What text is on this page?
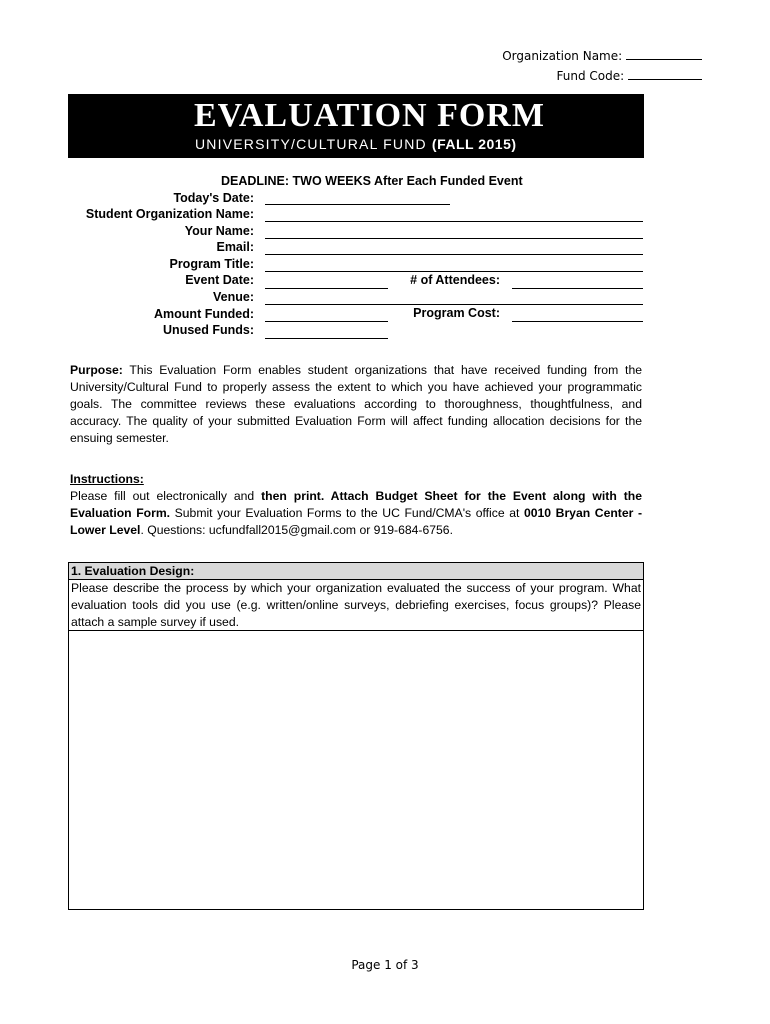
Organization Name:
Fund Code:
EVALUATION FORM
UNIVERSITY/CULTURAL FUND (FALL 2015)
DEADLINE: TWO WEEKS After Each Funded Event
Today's Date:
Student Organization Name:
Your Name:
Email:
Program Title:
Event Date:	# of Attendees:
Venue:
Amount Funded:	Program Cost:
Unused Funds:
Purpose: This Evaluation Form enables student organizations that have received funding from the University/Cultural Fund to properly assess the extent to which you have achieved your programmatic goals. The committee reviews these evaluations according to thoroughness, thoughtfulness, and accuracy. The quality of your submitted Evaluation Form will affect funding allocation decisions for the ensuing semester.
Instructions:
Please fill out electronically and then print. Attach Budget Sheet for the Event along with the Evaluation Form. Submit your Evaluation Forms to the UC Fund/CMA's office at 0010 Bryan Center - Lower Level. Questions: ucfundfall2015@gmail.com or 919-684-6756.
1. Evaluation Design:
Please describe the process by which your organization evaluated the success of your program. What evaluation tools did you use (e.g. written/online surveys, debriefing exercises, focus groups)? Please attach a sample survey if used.
Page 1 of 3
